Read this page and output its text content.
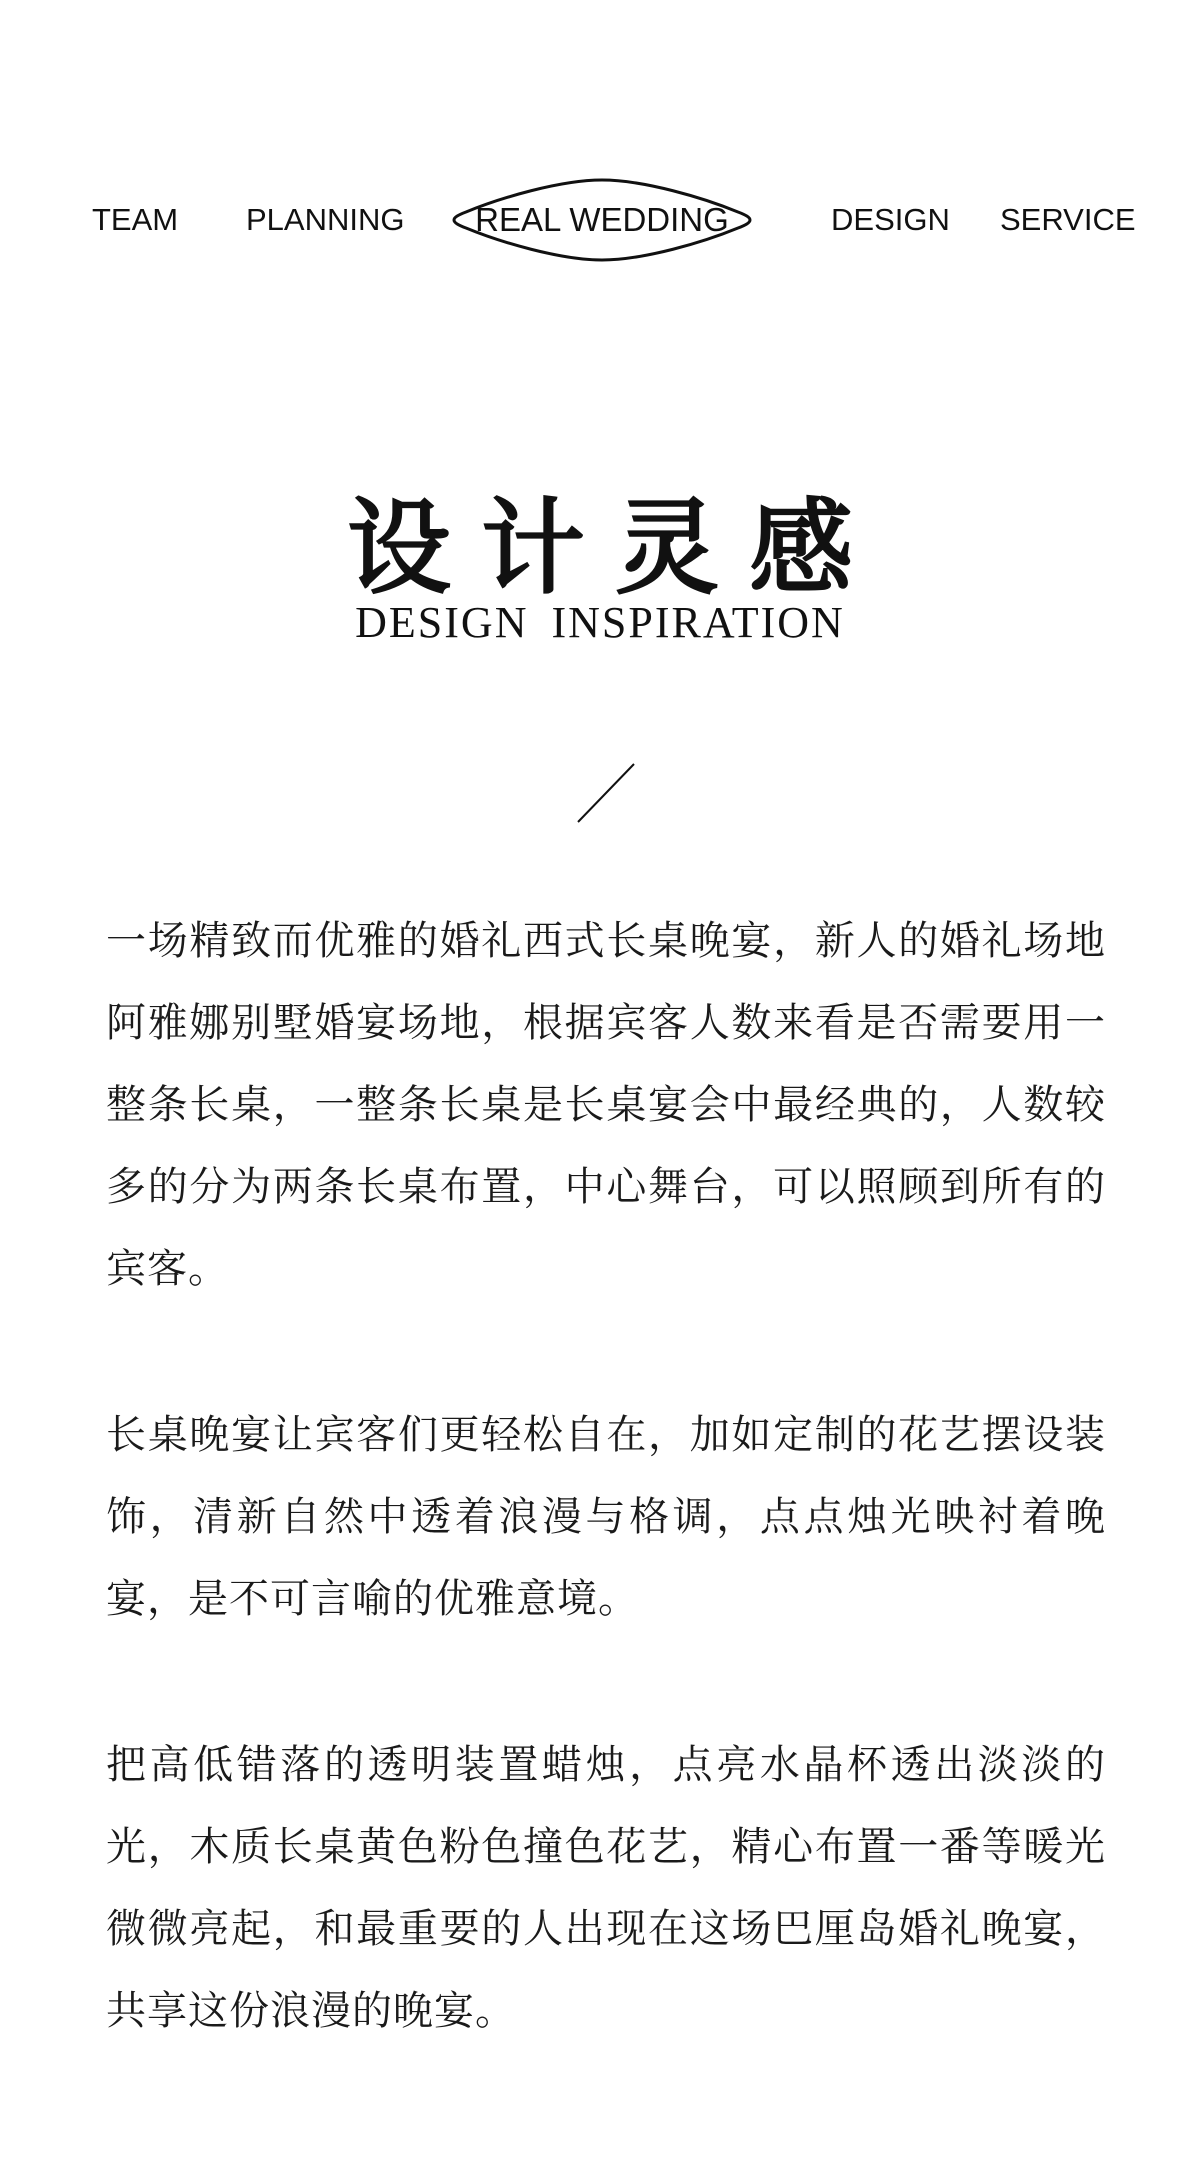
TEAM PLANNING	REAL WEDDING	DESIGN SERVICE
设计灵感
DESIGN INSPIRATION

一场精致而优雅的婚礼西式长桌晚宴，新人的婚礼场地阿雅娜别墅婚宴场地，根据宾客人数来看是否需要用一整条长桌，一整条长桌是长桌宴会中最经典的，人数较多的分为两条长桌布置，中心舞台，可以照顾到所有的宾客。

长桌晚宴让宾客们更轻松自在，加如定制的花艺摆设装饰，清新自然中透着浪漫与格调，点点烛光映衬着晚宴，是不可言喻的优雅意境。

把高低错落的透明装置蜡烛，点亮水晶杯透出淡淡的光，木质长桌黄色粉色撞色花艺，精心布置一番等暖光微微亮起，和最重要的人出现在这场巴厘岛婚礼晚宴，共享这份浪漫的晚宴。
